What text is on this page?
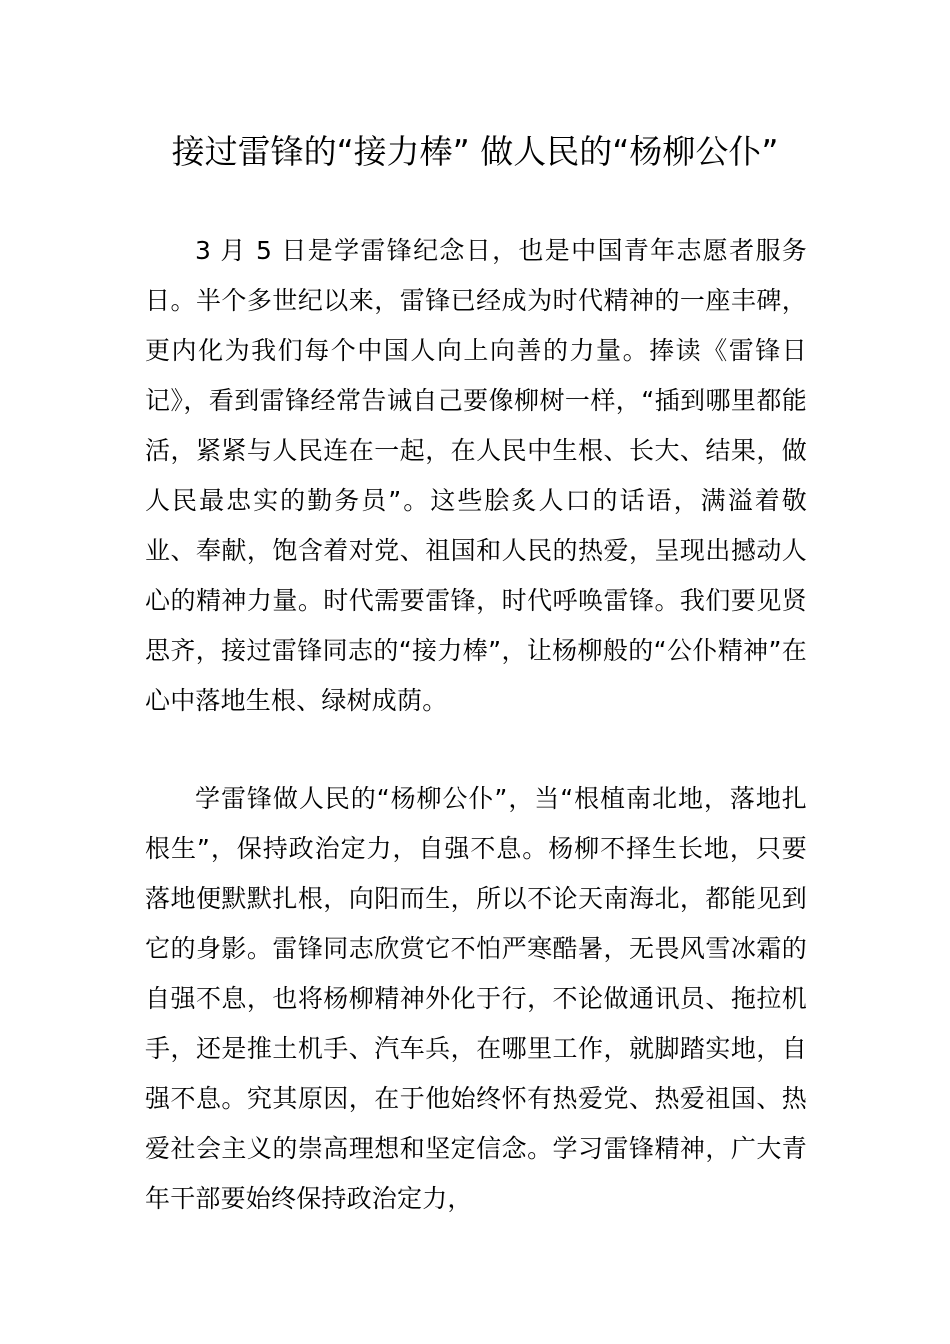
接过雷锋的“接力棒” 做人民的“杨柳公仆”

3 月 5 日是学雷锋纪念日，也是中国青年志愿者服务日。半个多世纪以来，雷锋已经成为时代精神的一座丰碑，更内化为我们每个中国人向上向善的力量。捧读《雷锋日记》，看到雷锋经常告诫自己要像柳树一样，“插到哪里都能活，紧紧与人民连在一起，在人民中生根、长大、结果，做人民最忠实的勤务员”。这些脍炙人口的话语，满溢着敬业、奉献，饱含着对党、祖国和人民的热爱，呈现出撼动人心的精神力量。时代需要雷锋，时代呼唤雷锋。我们要见贤思齐，接过雷锋同志的“接力棒”，让杨柳般的“公仆精神”在心中落地生根、绿树成荫。

学雷锋做人民的“杨柳公仆”，当“根植南北地，落地扎根生”，保持政治定力，自强不息。杨柳不择生长地，只要落地便默默扎根，向阳而生，所以不论天南海北，都能见到它的身影。雷锋同志欣赏它不怕严寒酷暑，无畏风雪冰霜的自强不息，也将杨柳精神外化于行，不论做通讯员、拖拉机手，还是推土机手、汽车兵，在哪里工作，就脚踏实地，自强不息。究其原因，在于他始终怀有热爱党、热爱祖国、热爱社会主义的崇高理想和坚定信念。学习雷锋精神，广大青年干部要始终保持政治定力，
